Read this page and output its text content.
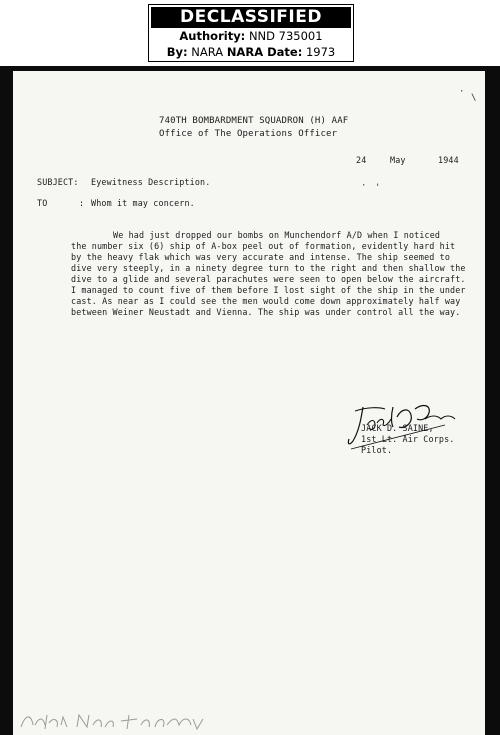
DECLASSIFIED
Authority: NND 735001
By: NARA NARA Date: 1973
·
\
· '
740TH BOMBARDMENT SQUADRON (H) AAF
Office of The Operations Officer
24	May	1944
SUBJECT: Eyewitness Description.
TO	: Whom it may concern.
We had just dropped our bombs on Munchendorf A/D when I noticed
the number six (6) ship of A-box peel out of formation, evidently hard hit
by the heavy flak which was very accurate and intense. The ship seemed to
dive very steeply, in a ninety degree turn to the right and then shallow the
dive to a glide and several parachutes were seen to open below the aircraft.
I managed to count five of them before I lost sight of the ship in the under
cast. As near as I could see the men would come down approximately half way
between Weiner Neustadt and Vienna. The ship was under control all the way.
JACK D. SAINE,
1st Lt. Air Corps.
Pilot.
